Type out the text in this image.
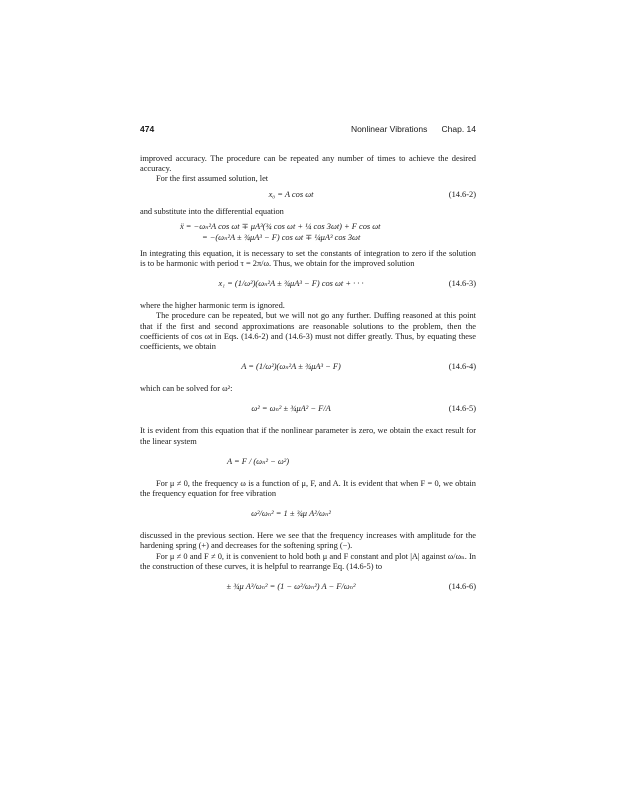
474	Nonlinear Vibrations      Chap. 14

improved accuracy. The procedure can be repeated any number of times to achieve the desired accuracy.

For the first assumed solution, let

x₀ = A cos ωt	(14.6-2)

and substitute into the differential equation

ẍ = −ωₙ²A cos ωt ∓ μA³(¾ cos ωt + ¼ cos 3ωt) + F cos ωt
= −(ωₙ²A ± ¾μA³ − F) cos ωt ∓ ¼μA³ cos 3ωt

In integrating this equation, it is necessary to set the constants of integration to zero if the solution is to be harmonic with period τ = 2π/ω. Thus, we obtain for the improved solution

x₁ = (1/ω²)(ωₙ²A ± ¾μA³ − F) cos ωt + · · ·	(14.6-3)

where the higher harmonic term is ignored.

The procedure can be repeated, but we will not go any further. Duffing reasoned at this point that if the first and second approximations are reasonable solutions to the problem, then the coefficients of cos ωt in Eqs. (14.6-2) and (14.6-3) must not differ greatly. Thus, by equating these coefficients, we obtain

A = (1/ω²)(ωₙ²A ± ¾μA³ − F)	(14.6-4)

which can be solved for ω²:

ω² = ωₙ² ± ¾μA² − F/A	(14.6-5)

It is evident from this equation that if the nonlinear parameter is zero, we obtain the exact result for the linear system

A = F / (ωₙ² − ω²)

For μ ≠ 0, the frequency ω is a function of μ, F, and A. It is evident that when F = 0, we obtain the frequency equation for free vibration

ω²/ωₙ² = 1 ± ¾μ A²/ωₙ²

discussed in the previous section. Here we see that the frequency increases with amplitude for the hardening spring (+) and decreases for the softening spring (−).

For μ ≠ 0 and F ≠ 0, it is convenient to hold both μ and F constant and plot |A| against ω/ωₙ. In the construction of these curves, it is helpful to rearrange Eq. (14.6-5) to

± ¾μ A³/ωₙ² = (1 − ω²/ωₙ²) A − F/ωₙ²	(14.6-6)
